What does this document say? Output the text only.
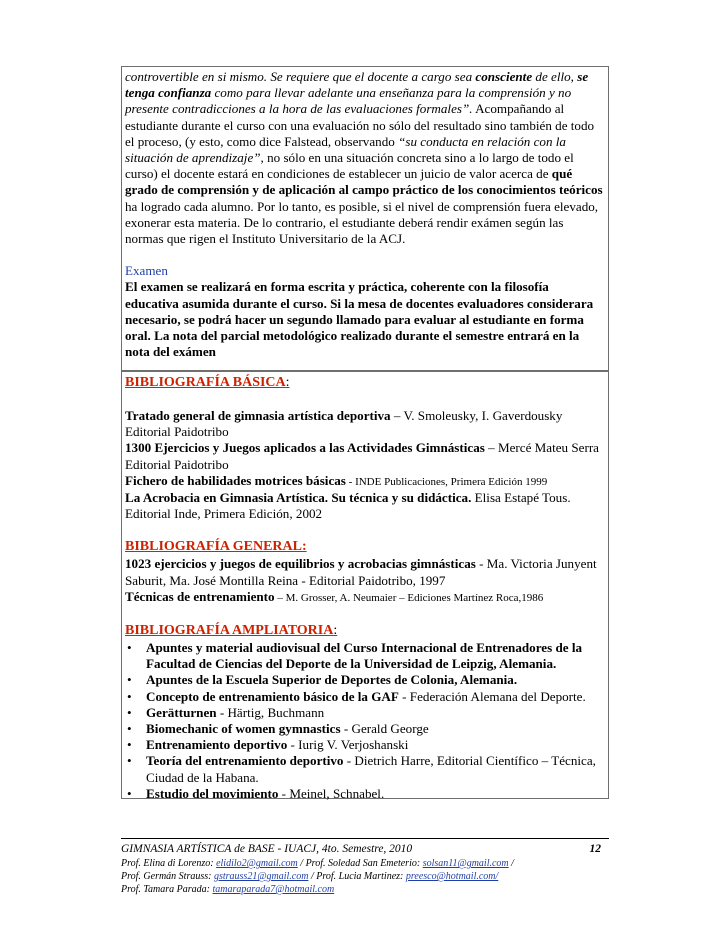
controvertible en si mismo. Se requiere que el docente a cargo sea consciente de ello, se tenga confianza como para llevar adelante una enseñanza para la comprensión y no presente contradicciones a la hora de las evaluaciones formales”. Acompañando al estudiante durante el curso con una evaluación no sólo del resultado sino también de todo el proceso, (y esto, como dice Falstead, observando “su conducta en relación con la situación de aprendizaje”, no sólo en una situación concreta sino a lo largo de todo el curso) el docente estará en condiciones de establecer un juicio de valor acerca de qué grado de comprensión y de aplicación al campo práctico de los conocimientos teóricos ha logrado cada alumno. Por lo tanto, es posible, si el nivel de comprensión fuera elevado, exonerar esta materia. De lo contrario, el estudiante deberá rendir exámen según las normas que rigen el Instituto Universitario de la ACJ.

Examen

El examen se realizará en forma escrita y práctica, coherente con la filosofía educativa asumida durante el curso. Si la mesa de docentes evaluadores considerara necesario, se podrá hacer un segundo llamado para evaluar al estudiante en forma oral. La nota del parcial metodológico realizado durante el semestre entrará en la nota del exámen

BIBLIOGRAFÍA BÁSICA:

Tratado general de gimnasia artística deportiva – V. Smoleusky, I. Gaverdousky Editorial Paidotribo

1300 Ejercicios y Juegos aplicados a las Actividades Gimnásticas – Mercé Mateu Serra Editorial Paidotribo

Fichero de habilidades motrices básicas - INDE Publicaciones, Primera Edición 1999

La Acrobacia en Gimnasia Artística. Su técnica y su didáctica. Elisa Estapé Tous. Editorial Inde, Primera Edición, 2002

BIBLIOGRAFÍA GENERAL:

1023 ejercicios y juegos de equilibrios y acrobacias gimnásticas - Ma. Victoria Junyent Saburit, Ma. José Montilla Reina - Editorial Paidotribo, 1997

Técnicas de entrenamiento – M. Grosser, A. Neumaier – Ediciones Martínez Roca,1986

BIBLIOGRAFÍA AMPLIATORIA:
• Apuntes y material audiovisual del Curso Internacional de Entrenadores de la Facultad de Ciencias del Deporte de la Universidad de Leipzig, Alemania.
• Apuntes de la Escuela Superior de Deportes de Colonia, Alemania.
• Concepto de entrenamiento básico de la GAF - Federación Alemana del Deporte.
• Gerätturnen - Härtig, Buchmann
• Biomechanic of women gymnastics - Gerald George
• Entrenamiento deportivo - Iurig V. Verjoshanski
• Teoría del entrenamiento deportivo - Dietrich Harre, Editorial Científico – Técnica, Ciudad de la Habana.
• Estudio del movimiento - Meinel, Schnabel.
GIMNASIA ARTÍSTICA de BASE - IUACJ, 4to. Semestre, 2010	12
Prof. Elina di Lorenzo: elidilo2@gmail.com / Prof. Soledad San Emeterio: solsan11@gmail.com /
Prof. Germán Strauss: gstrauss21@gmail.com / Prof. Lucia Martinez: preesco@hotmail.com/
Prof. Tamara Parada: tamaraparada7@hotmail.com
